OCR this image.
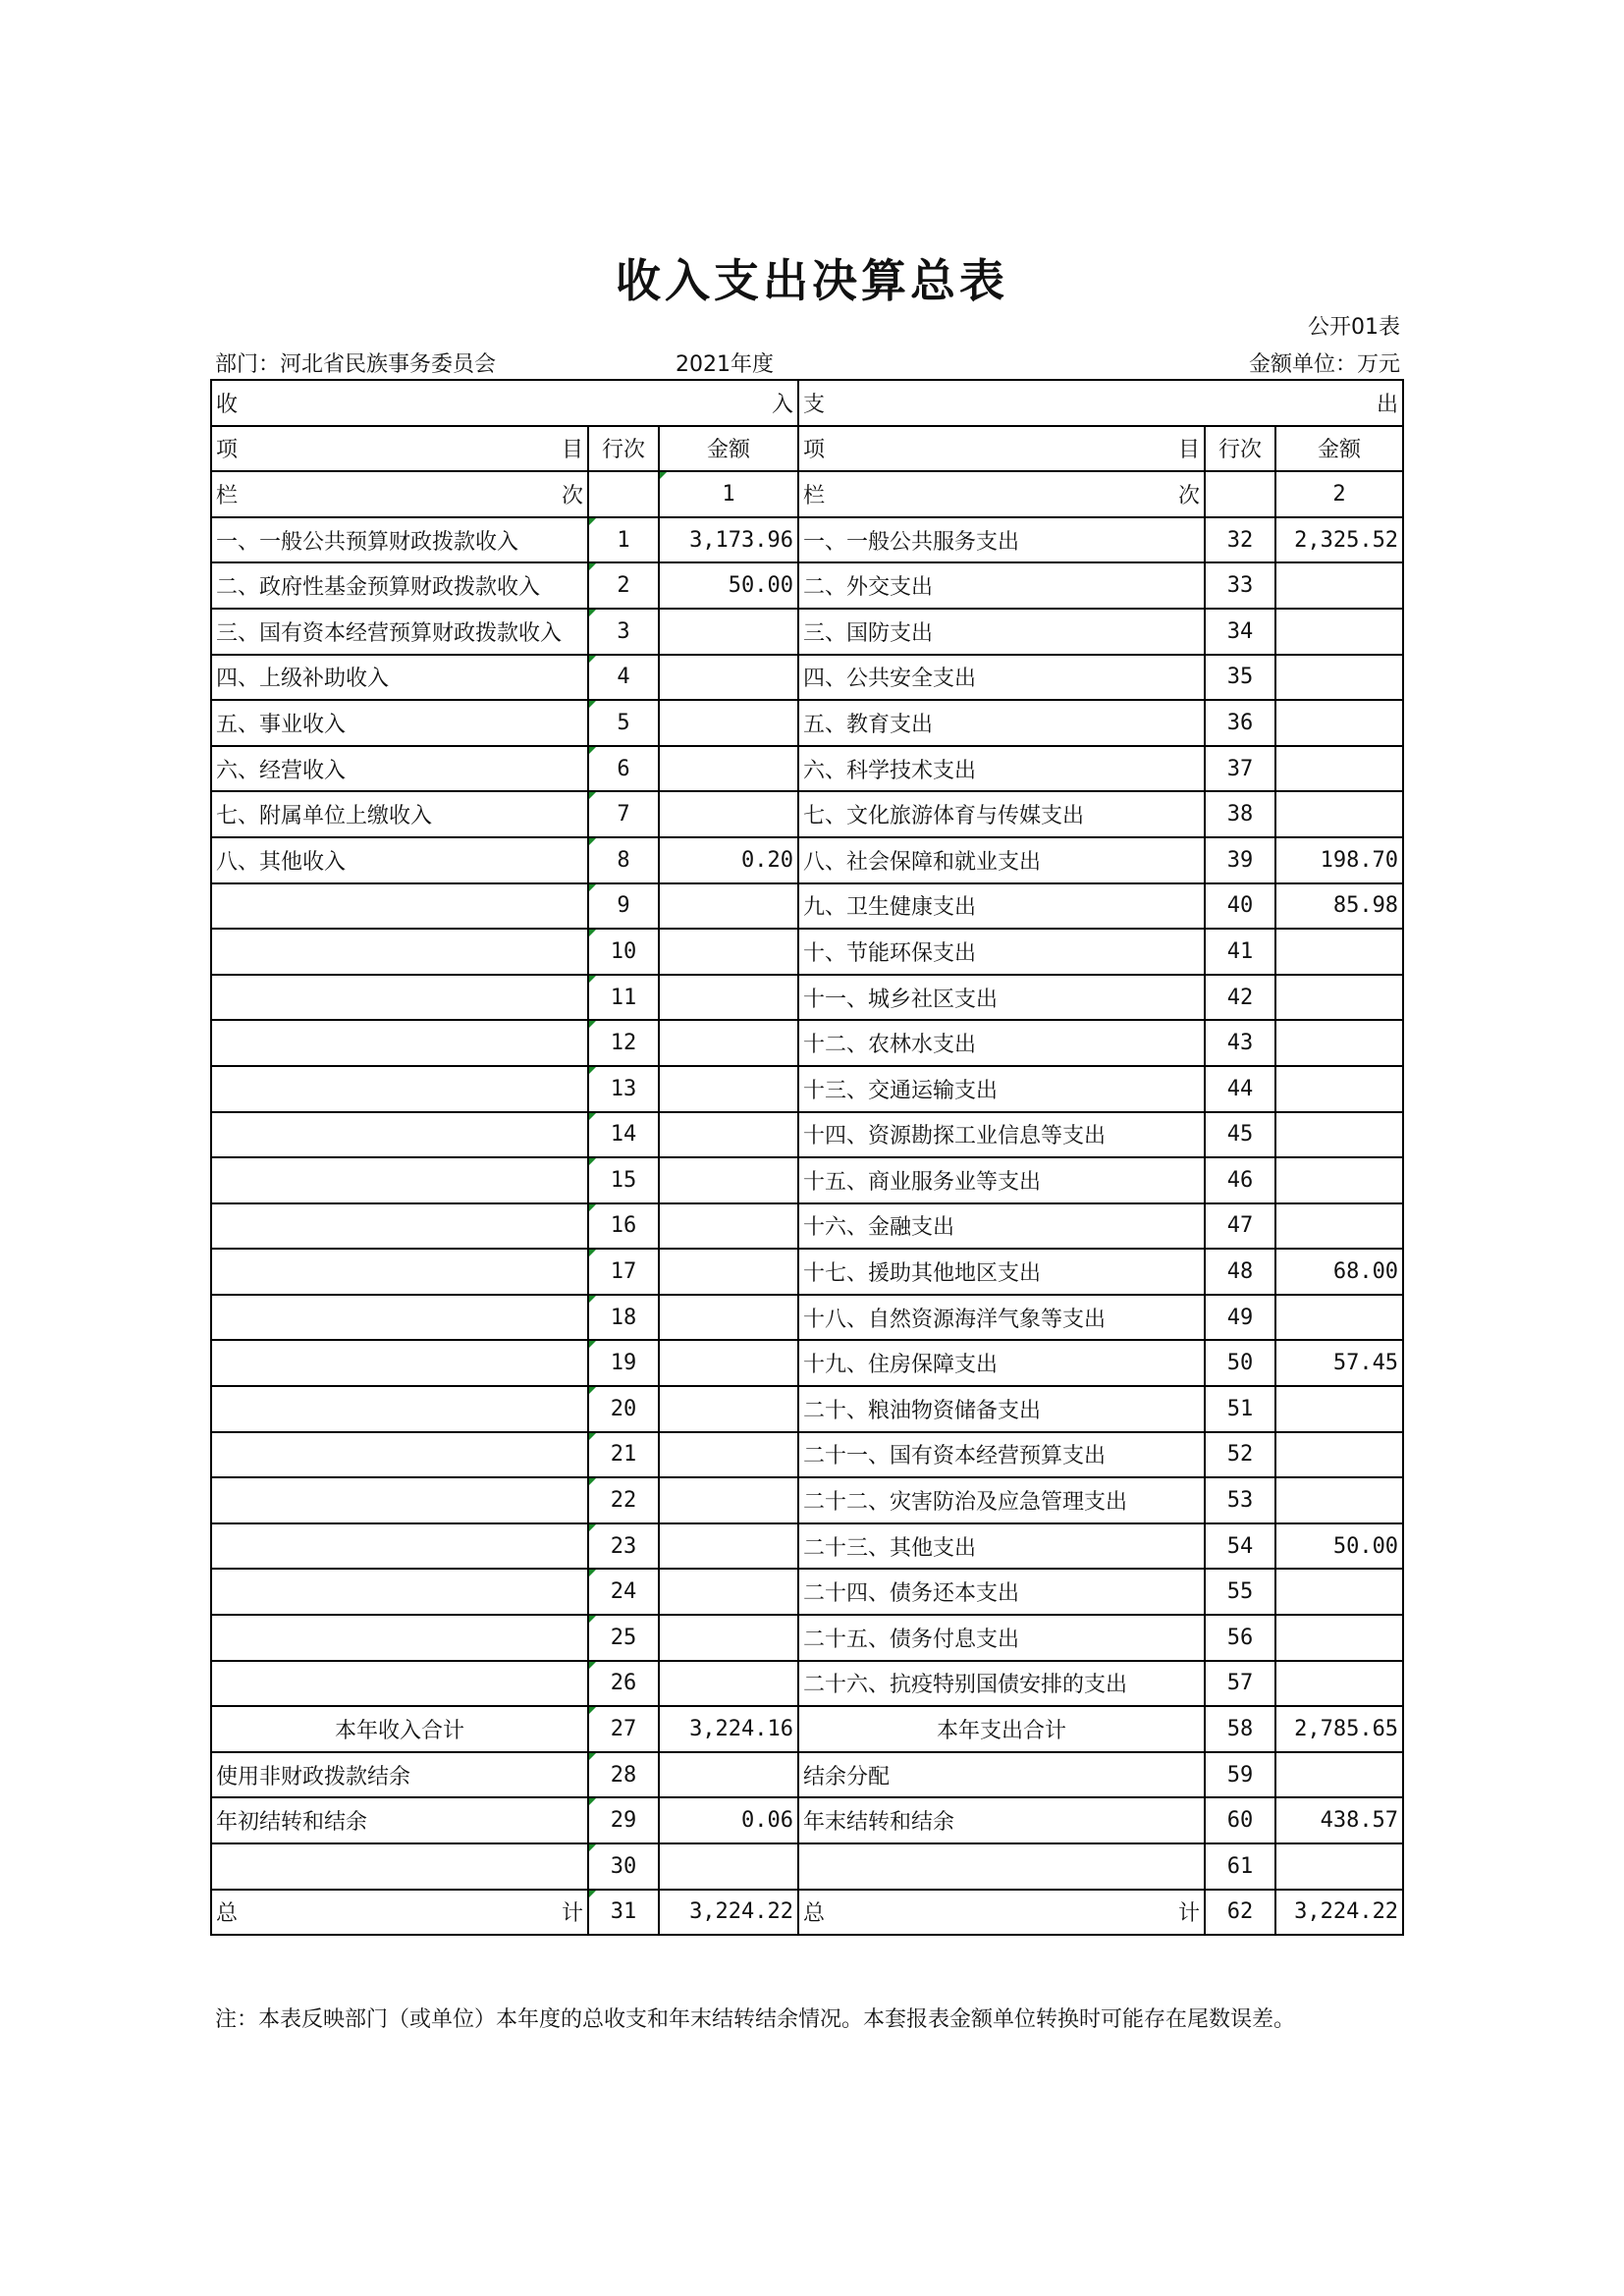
收入支出决算总表
公开01表
部门：河北省民族事务委员会	2021年度	金额单位：万元
收 入			支 出		

项 目	行次	金额	项 目	行次	金额

栏 次		1	栏 次		2
一、一般公共预算财政拨款收入	1	3,173.96	一、一般公共服务支出	32	2,325.52
二、政府性基金预算财政拨款收入	2	50.00	二、外交支出	33	
三、国有资本经营预算财政拨款收入	3		三、国防支出	34	
四、上级补助收入	4		四、公共安全支出	35	
五、事业收入	5		五、教育支出	36	
六、经营收入	6		六、科学技术支出	37	
七、附属单位上缴收入	7		七、文化旅游体育与传媒支出	38	
八、其他收入	8	0.20	八、社会保障和就业支出	39	198.70
	9		九、卫生健康支出	40	85.98
	10		十、节能环保支出	41	
	11		十一、城乡社区支出	42	
	12		十二、农林水支出	43	
	13		十三、交通运输支出	44	
	14		十四、资源勘探工业信息等支出	45	
	15		十五、商业服务业等支出	46	
	16		十六、金融支出	47	
	17		十七、援助其他地区支出	48	68.00
	18		十八、自然资源海洋气象等支出	49	
	19		十九、住房保障支出	50	57.45
	20		二十、粮油物资储备支出	51	
	21		二十一、国有资本经营预算支出	52	
	22		二十二、灾害防治及应急管理支出	53	
	23		二十三、其他支出	54	50.00
	24		二十四、债务还本支出	55	
	25		二十五、债务付息支出	56	
	26		二十六、抗疫特别国债安排的支出	57	
本年收入合计	27	3,224.16	本年支出合计	58	2,785.65
使用非财政拨款结余	28		结余分配	59	
年初结转和结余	29	0.06	年末结转和结余	60	438.57
	30			61	

总 计	31	3,224.22	总 计	62	3,224.22
注：本表反映部门（或单位）本年度的总收支和年末结转结余情况。本套报表金额单位转换时可能存在尾数误差。
